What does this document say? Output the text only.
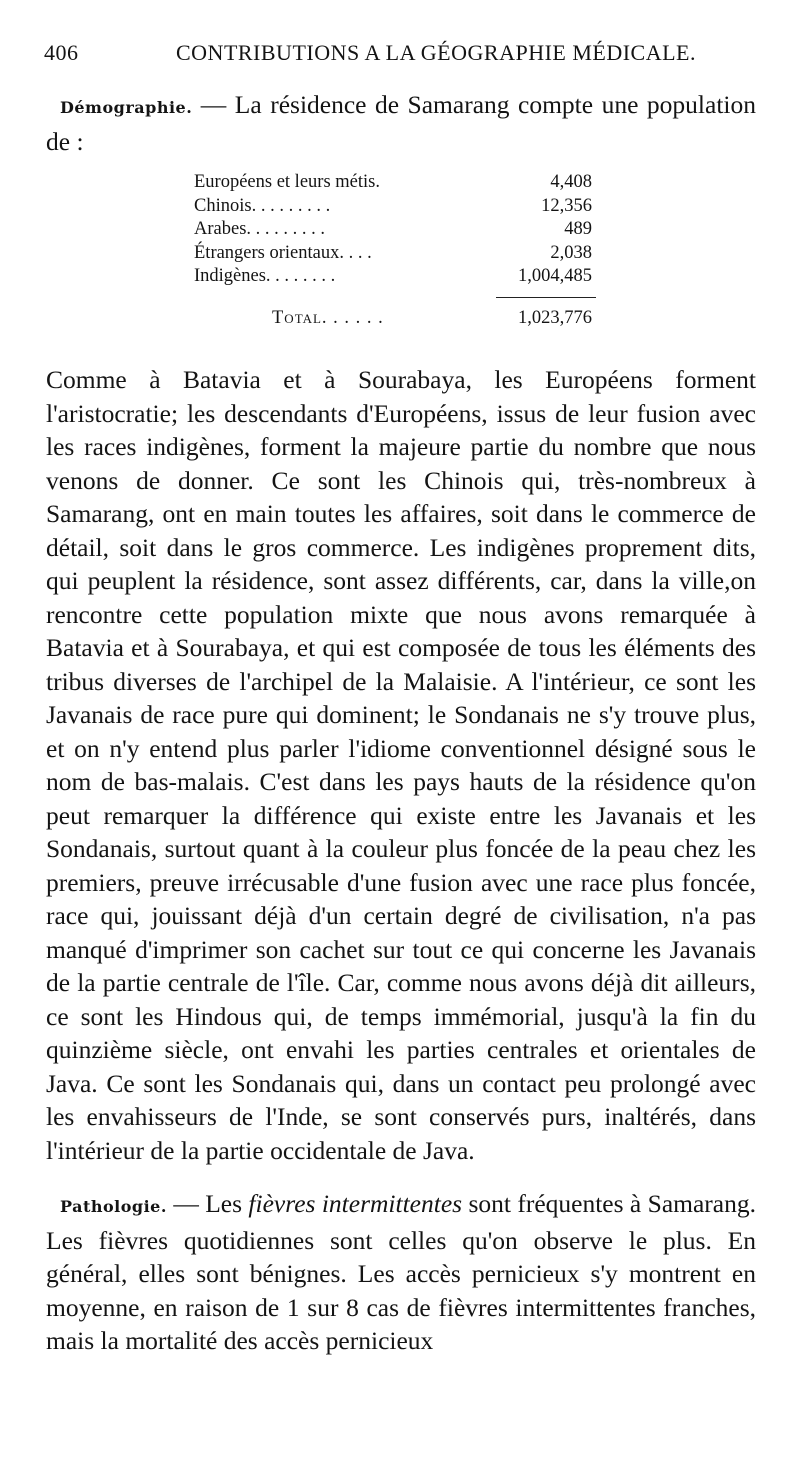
406	CONTRIBUTIONS A LA GÉOGRAPHIE MÉDICALE.

Démographie. — La résidence de Samarang compte une population de :

Européens et leurs métis.	4,408
Chinois. . . . . . . . .	12,356
Arabes. . . . . . . . .	489
Étrangers orientaux. . . .	2,038
Indigènes. . . . . . . .	1,004,485
Total. . . . . .	1,023,776

Comme à Batavia et à Sourabaya, les Européens forment l'aristocratie; les descendants d'Européens, issus de leur fusion avec les races indigènes, forment la majeure partie du nombre que nous venons de donner. Ce sont les Chinois qui, très-nombreux à Samarang, ont en main toutes les affaires, soit dans le commerce de détail, soit dans le gros commerce. Les indigènes proprement dits, qui peuplent la résidence, sont assez différents, car, dans la ville,on rencontre cette population mixte que nous avons remarquée à Batavia et à Sourabaya, et qui est composée de tous les éléments des tribus diverses de l'archipel de la Malaisie. A l'intérieur, ce sont les Javanais de race pure qui dominent; le Sondanais ne s'y trouve plus, et on n'y entend plus parler l'idiome conventionnel désigné sous le nom de bas-malais. C'est dans les pays hauts de la résidence qu'on peut remarquer la différence qui existe entre les Javanais et les Sondanais, surtout quant à la couleur plus foncée de la peau chez les premiers, preuve irrécusable d'une fusion avec une race plus foncée, race qui, jouissant déjà d'un certain degré de civilisation, n'a pas manqué d'imprimer son cachet sur tout ce qui concerne les Javanais de la partie centrale de l'île. Car, comme nous avons déjà dit ailleurs, ce sont les Hindous qui, de temps immémorial, jusqu'à la fin du quinzième siècle, ont envahi les parties centrales et orientales de Java. Ce sont les Sondanais qui, dans un contact peu prolongé avec les envahisseurs de l'Inde, se sont conservés purs, inaltérés, dans l'intérieur de la partie occidentale de Java.

Pathologie. — Les fièvres intermittentes sont fréquentes à Samarang. Les fièvres quotidiennes sont celles qu'on observe le plus. En général, elles sont bénignes. Les accès pernicieux s'y montrent en moyenne, en raison de 1 sur 8 cas de fièvres intermittentes franches, mais la mortalité des accès pernicieux
